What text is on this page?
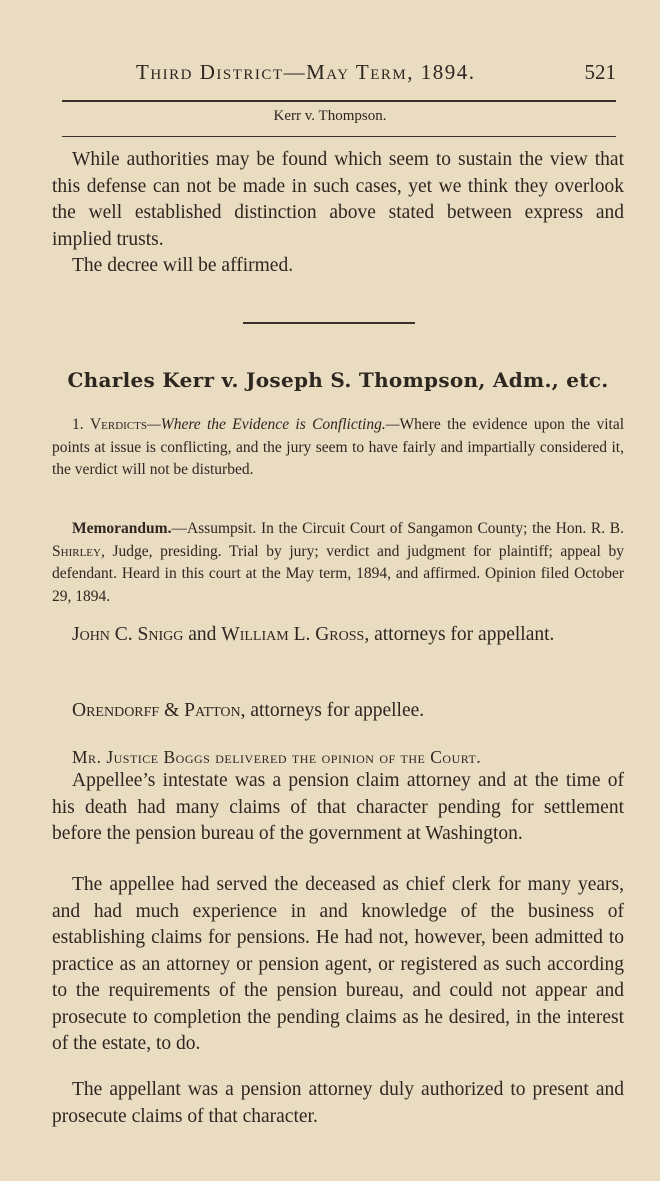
Third District—May Term, 1894.	521
Kerr v. Thompson.
While authorities may be found which seem to sustain the view that this defense can not be made in such cases, yet we think they overlook the well established distinction above stated between express and implied trusts.
The decree will be affirmed.
Charles Kerr v. Joseph S. Thompson, Adm., etc.
1. Verdicts—Where the Evidence is Conflicting.—Where the evidence upon the vital points at issue is conflicting, and the jury seem to have fairly and impartially considered it, the verdict will not be disturbed.
Memorandum.—Assumpsit. In the Circuit Court of Sangamon County; the Hon. R. B. Shirley, Judge, presiding. Trial by jury; verdict and judgment for plaintiff; appeal by defendant. Heard in this court at the May term, 1894, and affirmed. Opinion filed October 29, 1894.
John C. Snigg and William L. Gross, attorneys for appellant.
Orendorff & Patton, attorneys for appellee.
Mr. Justice Boggs delivered the opinion of the Court.
Appellee’s intestate was a pension claim attorney and at the time of his death had many claims of that character pending for settlement before the pension bureau of the government at Washington.
The appellee had served the deceased as chief clerk for many years, and had much experience in and knowledge of the business of establishing claims for pensions. He had not, however, been admitted to practice as an attorney or pension agent, or registered as such according to the requirements of the pension bureau, and could not appear and prosecute to completion the pending claims as he desired, in the interest of the estate, to do.
The appellant was a pension attorney duly authorized to present and prosecute claims of that character.
